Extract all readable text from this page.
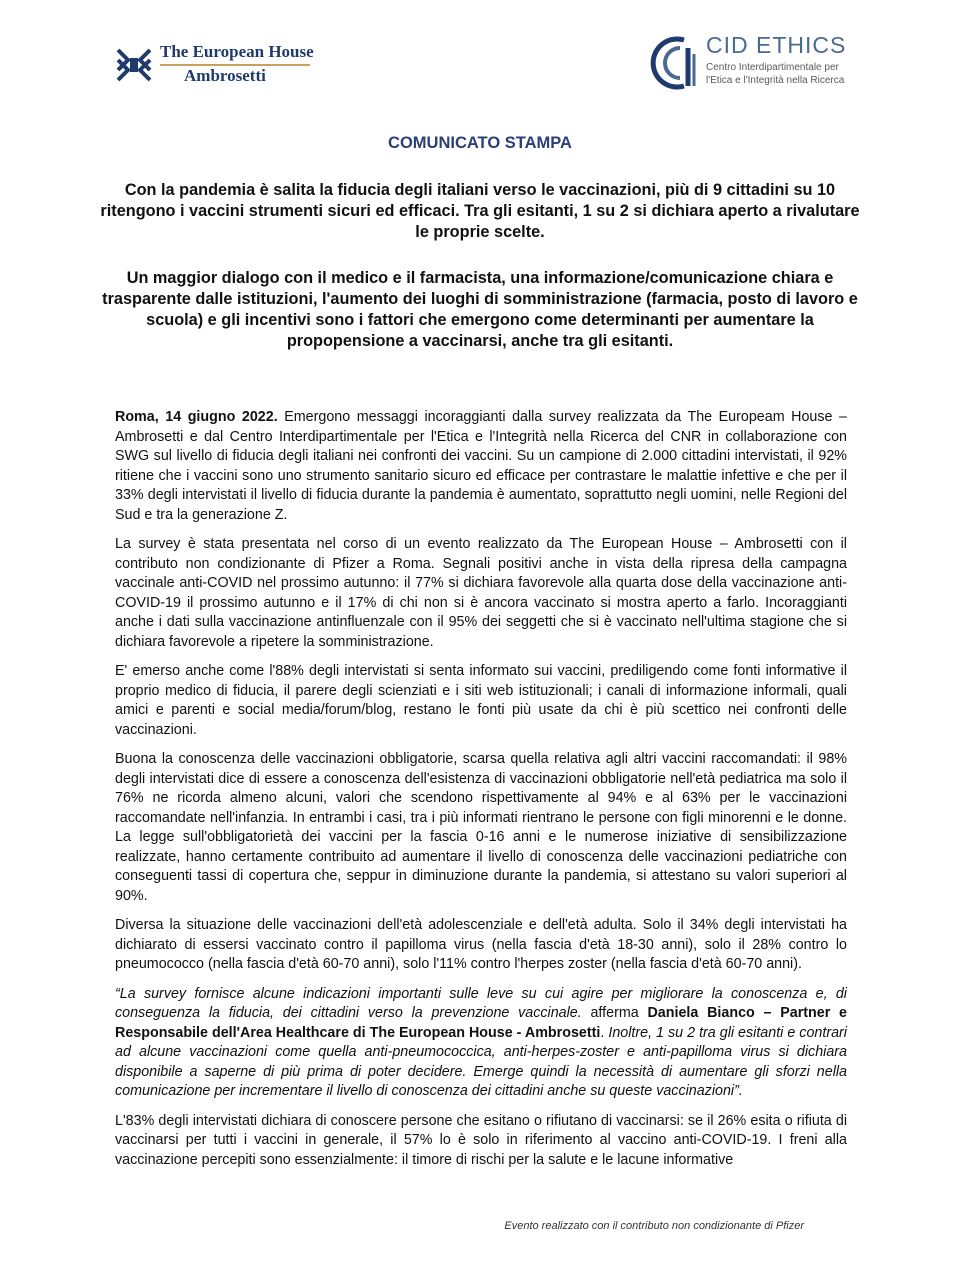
The European House
Ambrosetti
CID ETHICS
Centro Interdipartimentale per
l'Etica e l'Integrità nella Ricerca
COMUNICATO STAMPA

Con la pandemia è salita la fiducia degli italiani verso le vaccinazioni, più di 9 cittadini su 10 ritengono i vaccini strumenti sicuri ed efficaci. Tra gli esitanti, 1 su 2 si dichiara aperto a rivalutare le proprie scelte.

Un maggior dialogo con il medico e il farmacista, una informazione/comunicazione chiara e trasparente dalle istituzioni, l'aumento dei luoghi di somministrazione (farmacia, posto di lavoro e scuola) e gli incentivi sono i fattori che emergono come determinanti per aumentare la propopensione a vaccinarsi, anche tra gli esitanti.

Roma, 14 giugno 2022. Emergono messaggi incoraggianti dalla survey realizzata da The Europeam House – Ambrosetti e dal Centro Interdipartimentale per l'Etica e l'Integrità nella Ricerca del CNR in collaborazione con SWG sul livello di fiducia degli italiani nei confronti dei vaccini. Su un campione di 2.000 cittadini intervistati, il 92% ritiene che i vaccini sono uno strumento sanitario sicuro ed efficace per contrastare le malattie infettive e che per il 33% degli intervistati il livello di fiducia durante la pandemia è aumentato, soprattutto negli uomini, nelle Regioni del Sud e tra la generazione Z.

La survey è stata presentata nel corso di un evento realizzato da The European House – Ambrosetti con il contributo non condizionante di Pfizer a Roma. Segnali positivi anche in vista della ripresa della campagna vaccinale anti-COVID nel prossimo autunno: il 77% si dichiara favorevole alla quarta dose della vaccinazione anti-COVID-19 il prossimo autunno e il 17% di chi non si è ancora vaccinato si mostra aperto a farlo. Incoraggianti anche i dati sulla vaccinazione antinfluenzale con il 95% dei seggetti che si è vaccinato nell'ultima stagione che si dichiara favorevole a ripetere la somministrazione.

E' emerso anche come l'88% degli intervistati si senta informato sui vaccini, prediligendo come fonti informative il proprio medico di fiducia, il parere degli scienziati e i siti web istituzionali; i canali di informazione informali, quali amici e parenti e social media/forum/blog, restano le fonti più usate da chi è più scettico nei confronti delle vaccinazioni.

Buona la conoscenza delle vaccinazioni obbligatorie, scarsa quella relativa agli altri vaccini raccomandati: il 98% degli intervistati dice di essere a conoscenza dell'esistenza di vaccinazioni obbligatorie nell'età pediatrica ma solo il 76% ne ricorda almeno alcuni, valori che scendono rispettivamente al 94% e al 63% per le vaccinazioni raccomandate nell'infanzia. In entrambi i casi, tra i più informati rientrano le persone con figli minorenni e le donne. La legge sull'obbligatorietà dei vaccini per la fascia 0-16 anni e le numerose iniziative di sensibilizzazione realizzate, hanno certamente contribuito ad aumentare il livello di conoscenza delle vaccinazioni pediatriche con conseguenti tassi di copertura che, seppur in diminuzione durante la pandemia, si attestano su valori superiori al 90%.

Diversa la situazione delle vaccinazioni dell'età adolescenziale e dell'età adulta. Solo il 34% degli intervistati ha dichiarato di essersi vaccinato contro il papilloma virus (nella fascia d'età 18-30 anni), solo il 28% contro lo pneumococco (nella fascia d'età 60-70 anni), solo l'11% contro l'herpes zoster (nella fascia d'età 60-70 anni).

“La survey fornisce alcune indicazioni importanti sulle leve su cui agire per migliorare la conoscenza e, di conseguenza la fiducia, dei cittadini verso la prevenzione vaccinale. afferma Daniela Bianco – Partner e Responsabile dell'Area Healthcare di The European House - Ambrosetti. Inoltre, 1 su 2 tra gli esitanti e contrari ad alcune vaccinazioni come quella anti-pneumococcica, anti-herpes-zoster e anti-papilloma virus si dichiara disponibile a saperne di più prima di poter decidere. Emerge quindi la necessità di aumentare gli sforzi nella comunicazione per incrementare il livello di conoscenza dei cittadini anche su queste vaccinazioni”.

L'83% degli intervistati dichiara di conoscere persone che esitano o rifiutano di vaccinarsi: se il 26% esita o rifiuta di vaccinarsi per tutti i vaccini in generale, il 57% lo è solo in riferimento al vaccino anti-COVID-19. I freni alla vaccinazione percepiti sono essenzialmente: il timore di rischi per la salute e le lacune informative

Evento realizzato con il contributo non condizionante di Pfizer
